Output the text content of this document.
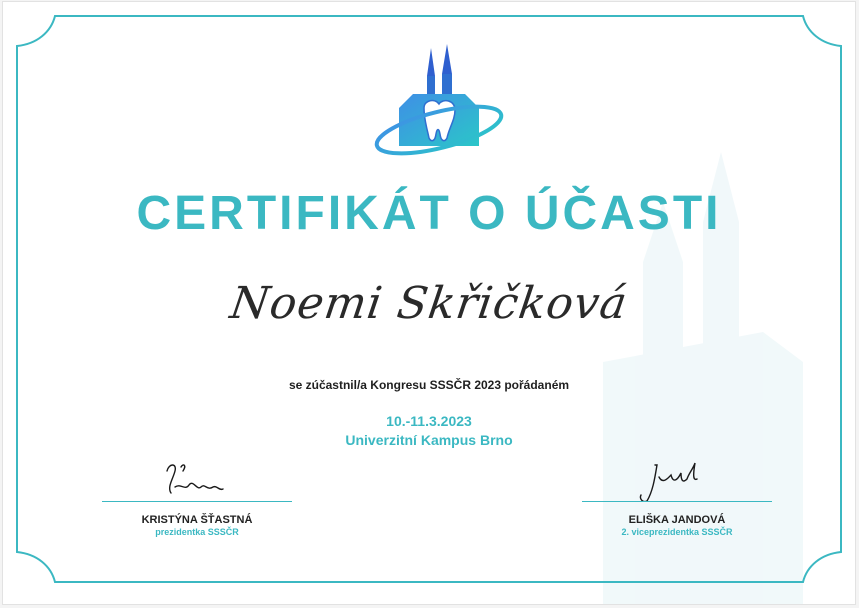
CERTIFIKÁT O ÚČASTI
Noemi Skřičková
se zúčastnil/a Kongresu SSSČR 2023 pořádaném
10.-11.3.2023
Univerzitní Kampus Brno
KRISTÝNA ŠŤASTNÁ
prezidentka SSSČR
ELIŠKA JANDOVÁ
2. viceprezidentka SSSČR
